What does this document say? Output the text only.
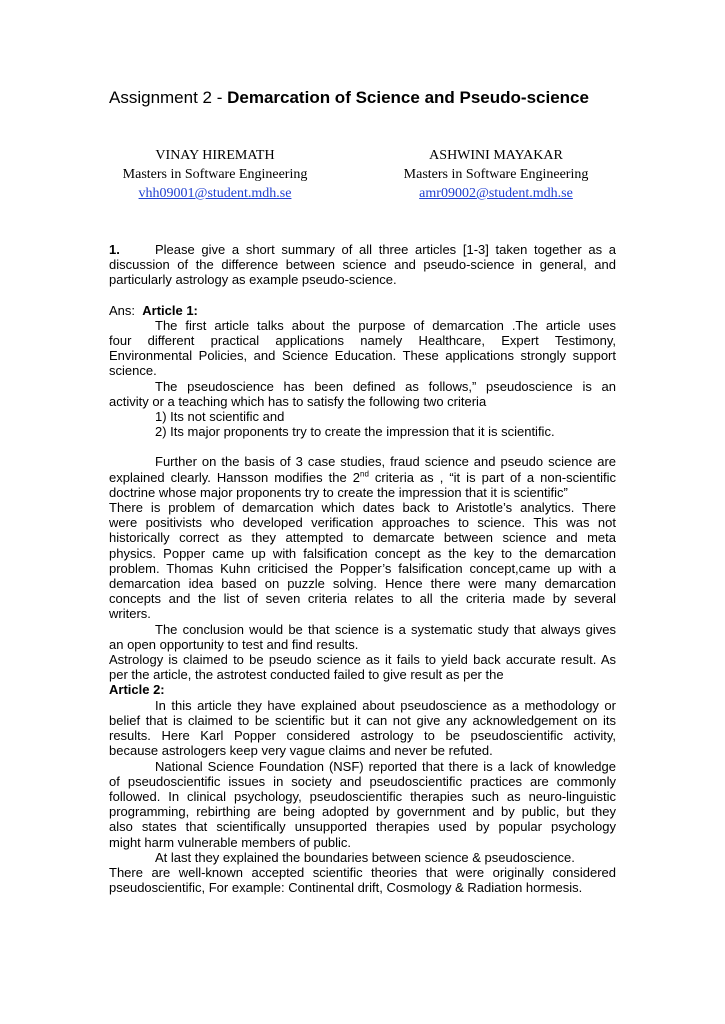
Assignment 2 - Demarcation of Science and Pseudo-science
VINAY HIREMATH
Masters in Software Engineering
vhh09001@student.mdh.se
ASHWINI MAYAKAR
Masters in Software Engineering
amr09002@student.mdh.se

1.	Please give a short summary of all three articles [1-3] taken together as a

discussion of the difference between science and pseudo-science in general, and

particularly astrology as example pseudo-science.

Ans: Article 1:

The first article talks about the purpose of demarcation .The article uses

four different practical applications namely Healthcare, Expert Testimony,

Environmental Policies, and Science Education. These applications strongly support

science.

The pseudoscience has been defined as follows,” pseudoscience is an

activity or a teaching which has to satisfy the following two criteria

1) Its not scientific and

2) Its major proponents try to create the impression that it is scientific.

Further on the basis of 3 case studies, fraud science and pseudo science are

explained clearly. Hansson modifies the 2nd criteria as , “it is part of a non-scientific

doctrine whose major proponents try to create the impression that it is scientific”

There is problem of demarcation which dates back to Aristotle’s analytics. There

were positivists who developed verification approaches to science. This was not

historically correct as they attempted to demarcate between science and meta

physics. Popper came up with falsification concept as the key to the demarcation

problem. Thomas Kuhn criticised the Popper’s falsification concept,came up with a

demarcation idea based on puzzle solving. Hence there were many demarcation

concepts and the list of seven criteria relates to all the criteria made by several

writers.

The conclusion would be that science is a systematic study that always gives

an open opportunity to test and find results.

Astrology is claimed to be pseudo science as it fails to yield back accurate result. As

per the article, the astrotest conducted failed to give result as per the

Article 2:

In this article they have explained about pseudoscience as a methodology or

belief that is claimed to be scientific but it can not give any acknowledgement on its

results. Here Karl Popper considered astrology to be pseudoscientific activity,

because astrologers keep very vague claims and never be refuted.

National Science Foundation (NSF) reported that there is a lack of knowledge

of pseudoscientific issues in society and pseudoscientific practices are commonly

followed. In clinical psychology, pseudoscientific therapies such as neuro-linguistic

programming, rebirthing are being adopted by government and by public, but they

also states that scientifically unsupported therapies used by popular psychology

might harm vulnerable members of public.

At last they explained the boundaries between science & pseudoscience.

There are well-known accepted scientific theories that were originally considered

pseudoscientific, For example: Continental drift, Cosmology & Radiation hormesis.
